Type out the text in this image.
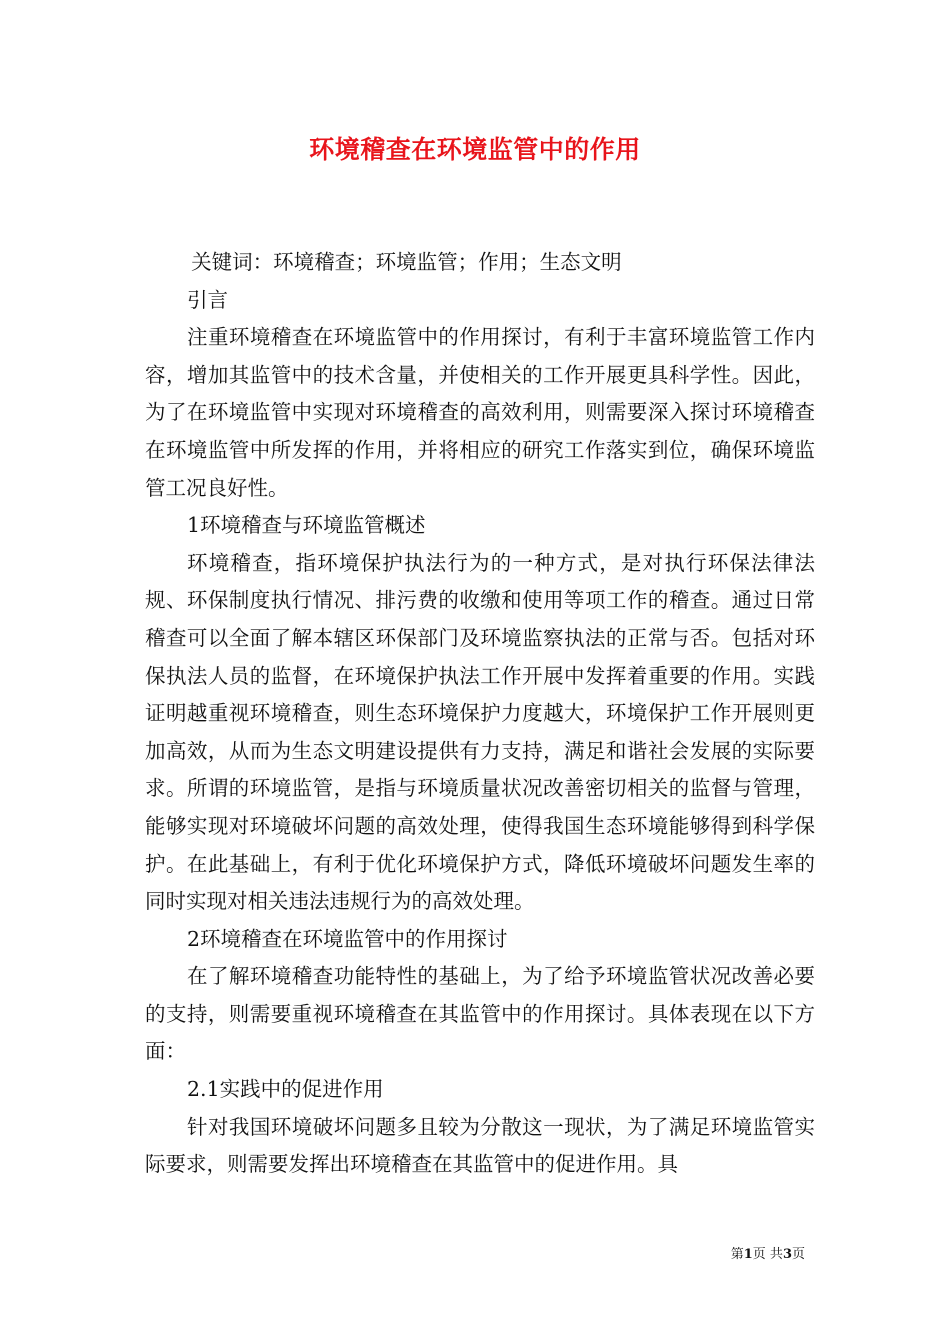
环境稽查在环境监管中的作用

关键词：环境稽查；环境监管；作用；生态文明

引言

注重环境稽查在环境监管中的作用探讨，有利于丰富环境监管工作内容，增加其监管中的技术含量，并使相关的工作开展更具科学性。因此，为了在环境监管中实现对环境稽查的高效利用，则需要深入探讨环境稽查在环境监管中所发挥的作用，并将相应的研究工作落实到位，确保环境监管工况良好性。

1环境稽查与环境监管概述

环境稽查，指环境保护执法行为的一种方式，是对执行环保法律法规、环保制度执行情况、排污费的收缴和使用等项工作的稽查。通过日常稽查可以全面了解本辖区环保部门及环境监察执法的正常与否。包括对环保执法人员的监督，在环境保护执法工作开展中发挥着重要的作用。实践证明越重视环境稽查，则生态环境保护力度越大，环境保护工作开展则更加高效，从而为生态文明建设提供有力支持，满足和谐社会发展的实际要求。所谓的环境监管，是指与环境质量状况改善密切相关的监督与管理，能够实现对环境破坏问题的高效处理，使得我国生态环境能够得到科学保护。在此基础上，有利于优化环境保护方式，降低环境破坏问题发生率的同时实现对相关违法违规行为的高效处理。

2环境稽查在环境监管中的作用探讨

在了解环境稽查功能特性的基础上，为了给予环境监管状况改善必要的支持，则需要重视环境稽查在其监管中的作用探讨。具体表现在以下方面：

2.1实践中的促进作用

针对我国环境破坏问题多且较为分散这一现状，为了满足环境监管实际要求，则需要发挥出环境稽查在其监管中的促进作用。具

第1页 共3页
